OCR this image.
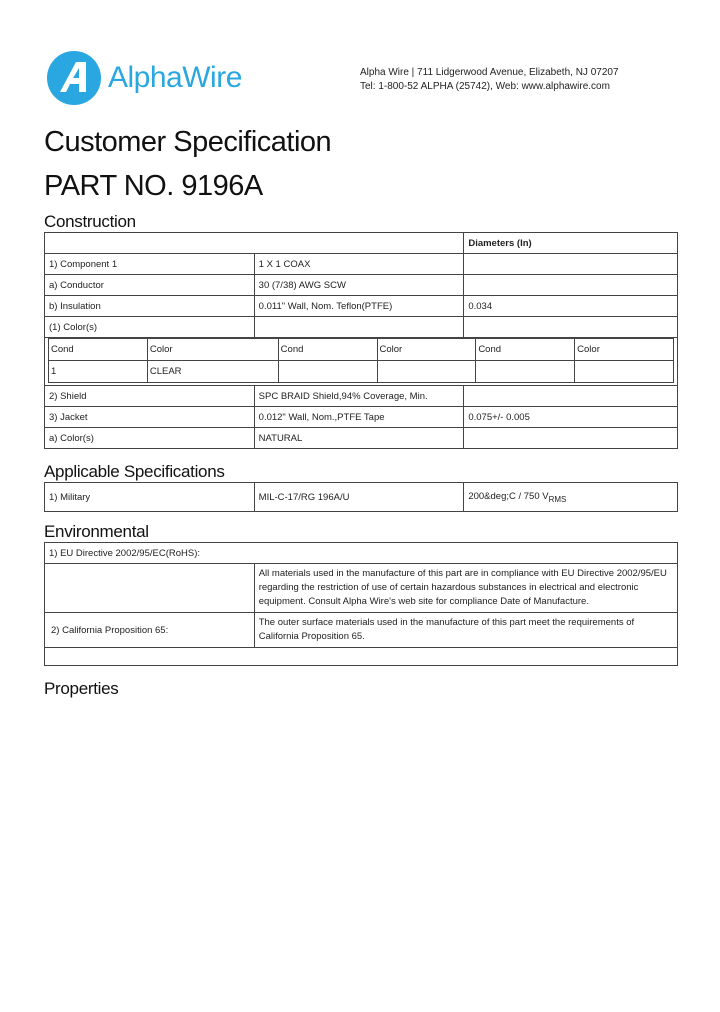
AlphaWire	Alpha Wire | 711 Lidgerwood Avenue, Elizabeth, NJ 07207
Tel: 1-800-52 ALPHA (25742), Web: www.alphawire.com
Customer Specification
PART NO. 9196A
Construction
	Diameters (In)
1) Component 1	1 X 1 COAX	
a) Conductor	30 (7/38) AWG SCW	
b) Insulation	0.011" Wall, Nom. Teflon(PTFE)	0.034
(1) Color(s)		

Cond	Color	Cond	Color	Cond	Color
1	CLEAR				

2) Shield	SPC BRAID Shield,94% Coverage, Min.	
3) Jacket	0.012" Wall, Nom.,PTFE Tape	0.075+/- 0.005
a) Color(s)	NATURAL	
Applicable Specifications
1) Military	MIL-C-17/RG 196A/U	200&deg;C / 750 $V_{RMS}$
Environmental
1) EU Directive 2002/95/EC(RoHS):	
	All materials used in the manufacture of this part are in compliance with EU Directive 2002/95/EU regarding the restriction of use of certain hazardous substances in electrical and electronic equipment. Consult Alpha Wire's web site for compliance Date of Manufacture.
2) California Proposition 65:	The outer surface materials used in the manufacture of this part meet the requirements of California Proposition 65.

Properties
